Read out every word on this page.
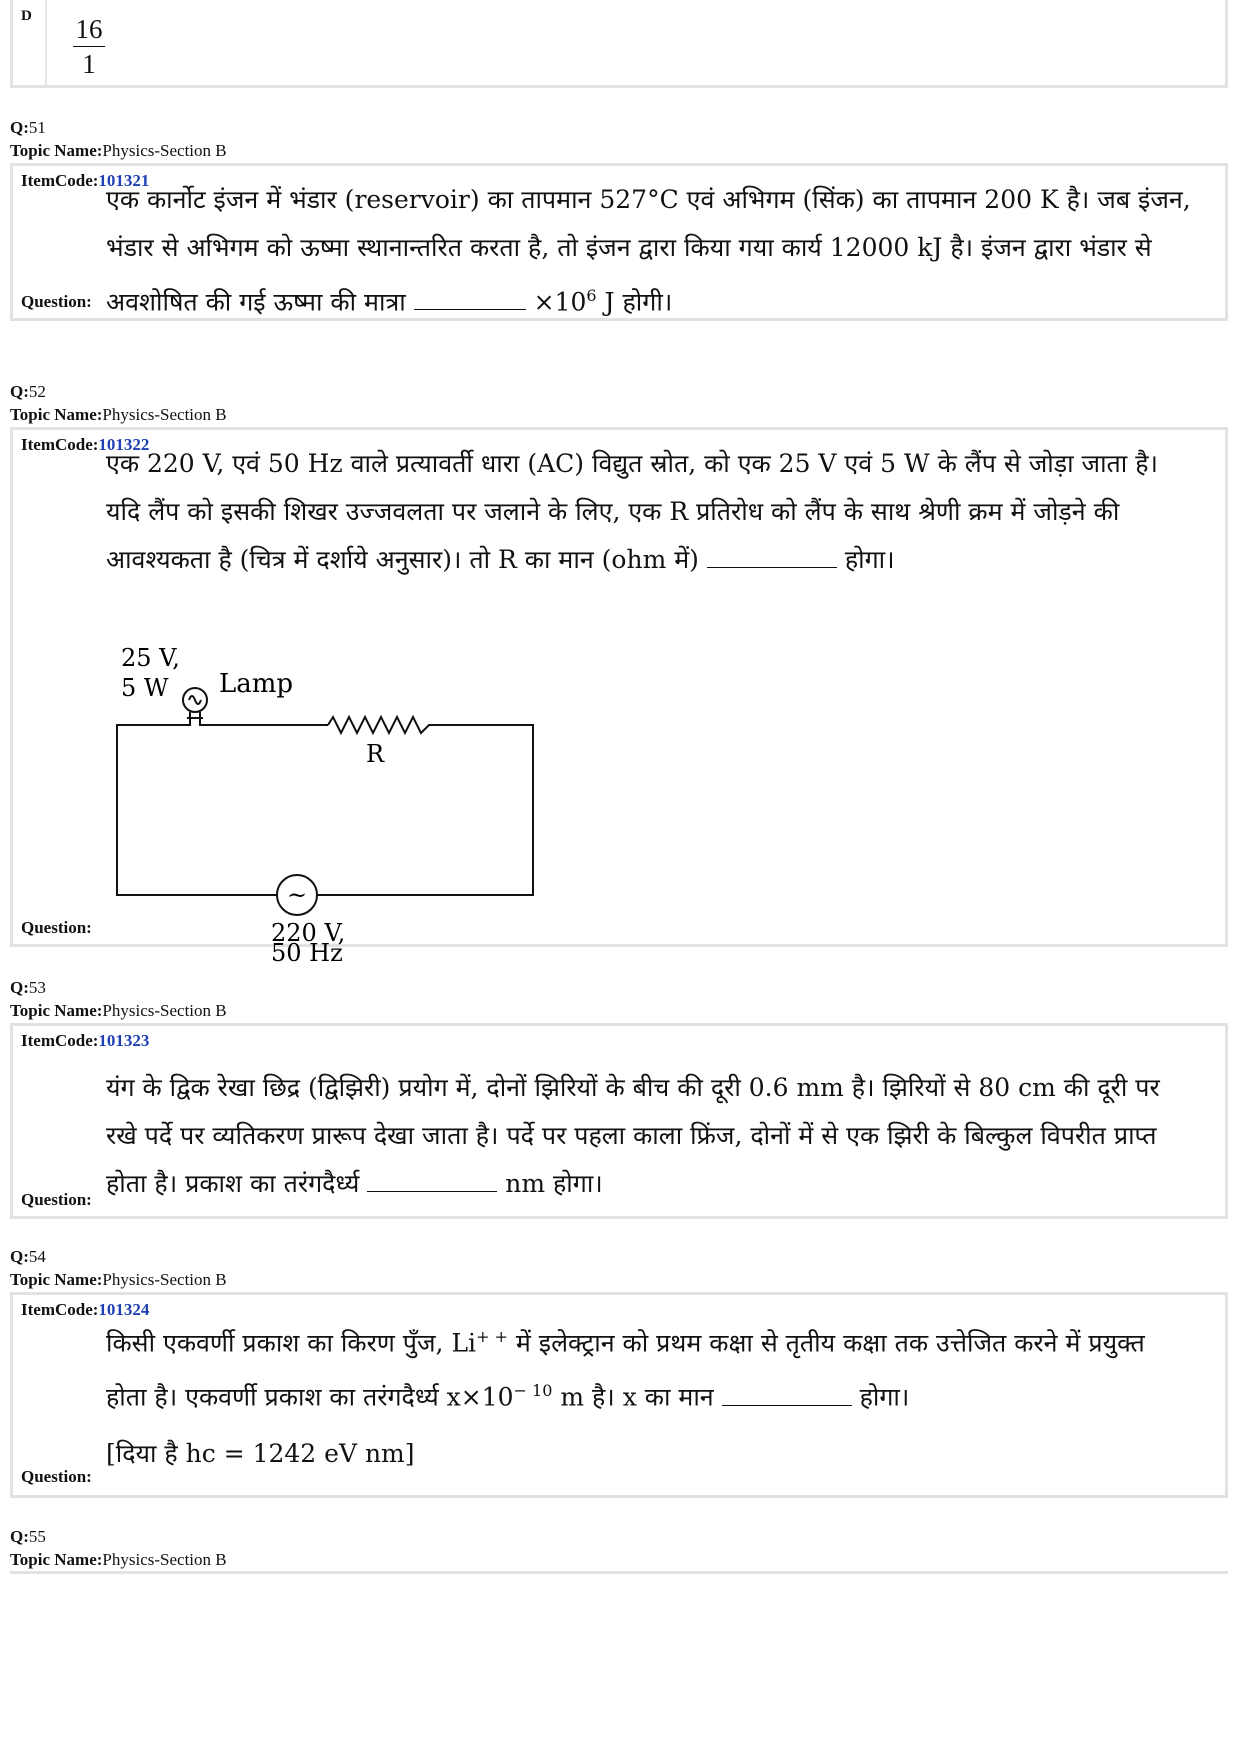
D $\frac{16}{1}$
Q:51
Topic Name:Physics-Section B
ItemCode:101321
एक कार्नोट इंजन में भंडार (reservoir) का तापमान 527°C एवं अभिगम (सिंक) का तापमान 200 K है। जब इंजन,
भंडार से अभिगम को ऊष्मा स्थानान्तरित करता है, तो इंजन द्वारा किया गया कार्य 12000 kJ है। इंजन द्वारा भंडार से
अवशोषित की गई ऊष्मा की मात्रा	$\times 10^6$ J होगी।
Question:
Q:52
Topic Name:Physics-Section B
ItemCode:101322
एक 220 V, एवं 50 Hz वाले प्रत्यावर्ती धारा (AC) विद्युत स्रोत, को एक 25 V एवं 5 W के लैंप से जोड़ा जाता है।
यदि लैंप को इसकी शिखर उज्जवलता पर जलाने के लिए, एक R प्रतिरोध को लैंप के साथ श्रेणी क्रम में जोड़ने की
आवश्यकता है (चित्र में दर्शाये अनुसार)। तो R का मान (ohm में)	होगा।
~
25 V,
5 W Lamp
R
220 V,
50 Hz
Question:
Q:53
Topic Name:Physics-Section B
ItemCode:101323
यंग के द्विक रेखा छिद्र (द्विझिरी) प्रयोग में, दोनों झिरियों के बीच की दूरी 0.6 mm है। झिरियों से 80 cm की दूरी पर
रखे पर्दे पर व्यतिकरण प्रारूप देखा जाता है। पर्दे पर पहला काला फ्रिंज, दोनों में से एक झिरी के बिल्कुल विपरीत प्राप्त
होता है। प्रकाश का तरंगदैर्ध्य	nm होगा।
Question:
Q:54
Topic Name:Physics-Section B
ItemCode:101324
किसी एकवर्णी प्रकाश का किरण पुँज, Li+ + में इलेक्ट्रान को प्रथम कक्षा से तृतीय कक्षा तक उत्तेजित करने में प्रयुक्त
होता है। एकवर्णी प्रकाश का तरंगदैर्ध्य $x\times 10^{- 10}$ m है। x का मान	होगा।
[दिया है hc = 1242 eV nm]
Question:
Q:55
Topic Name:Physics-Section B
